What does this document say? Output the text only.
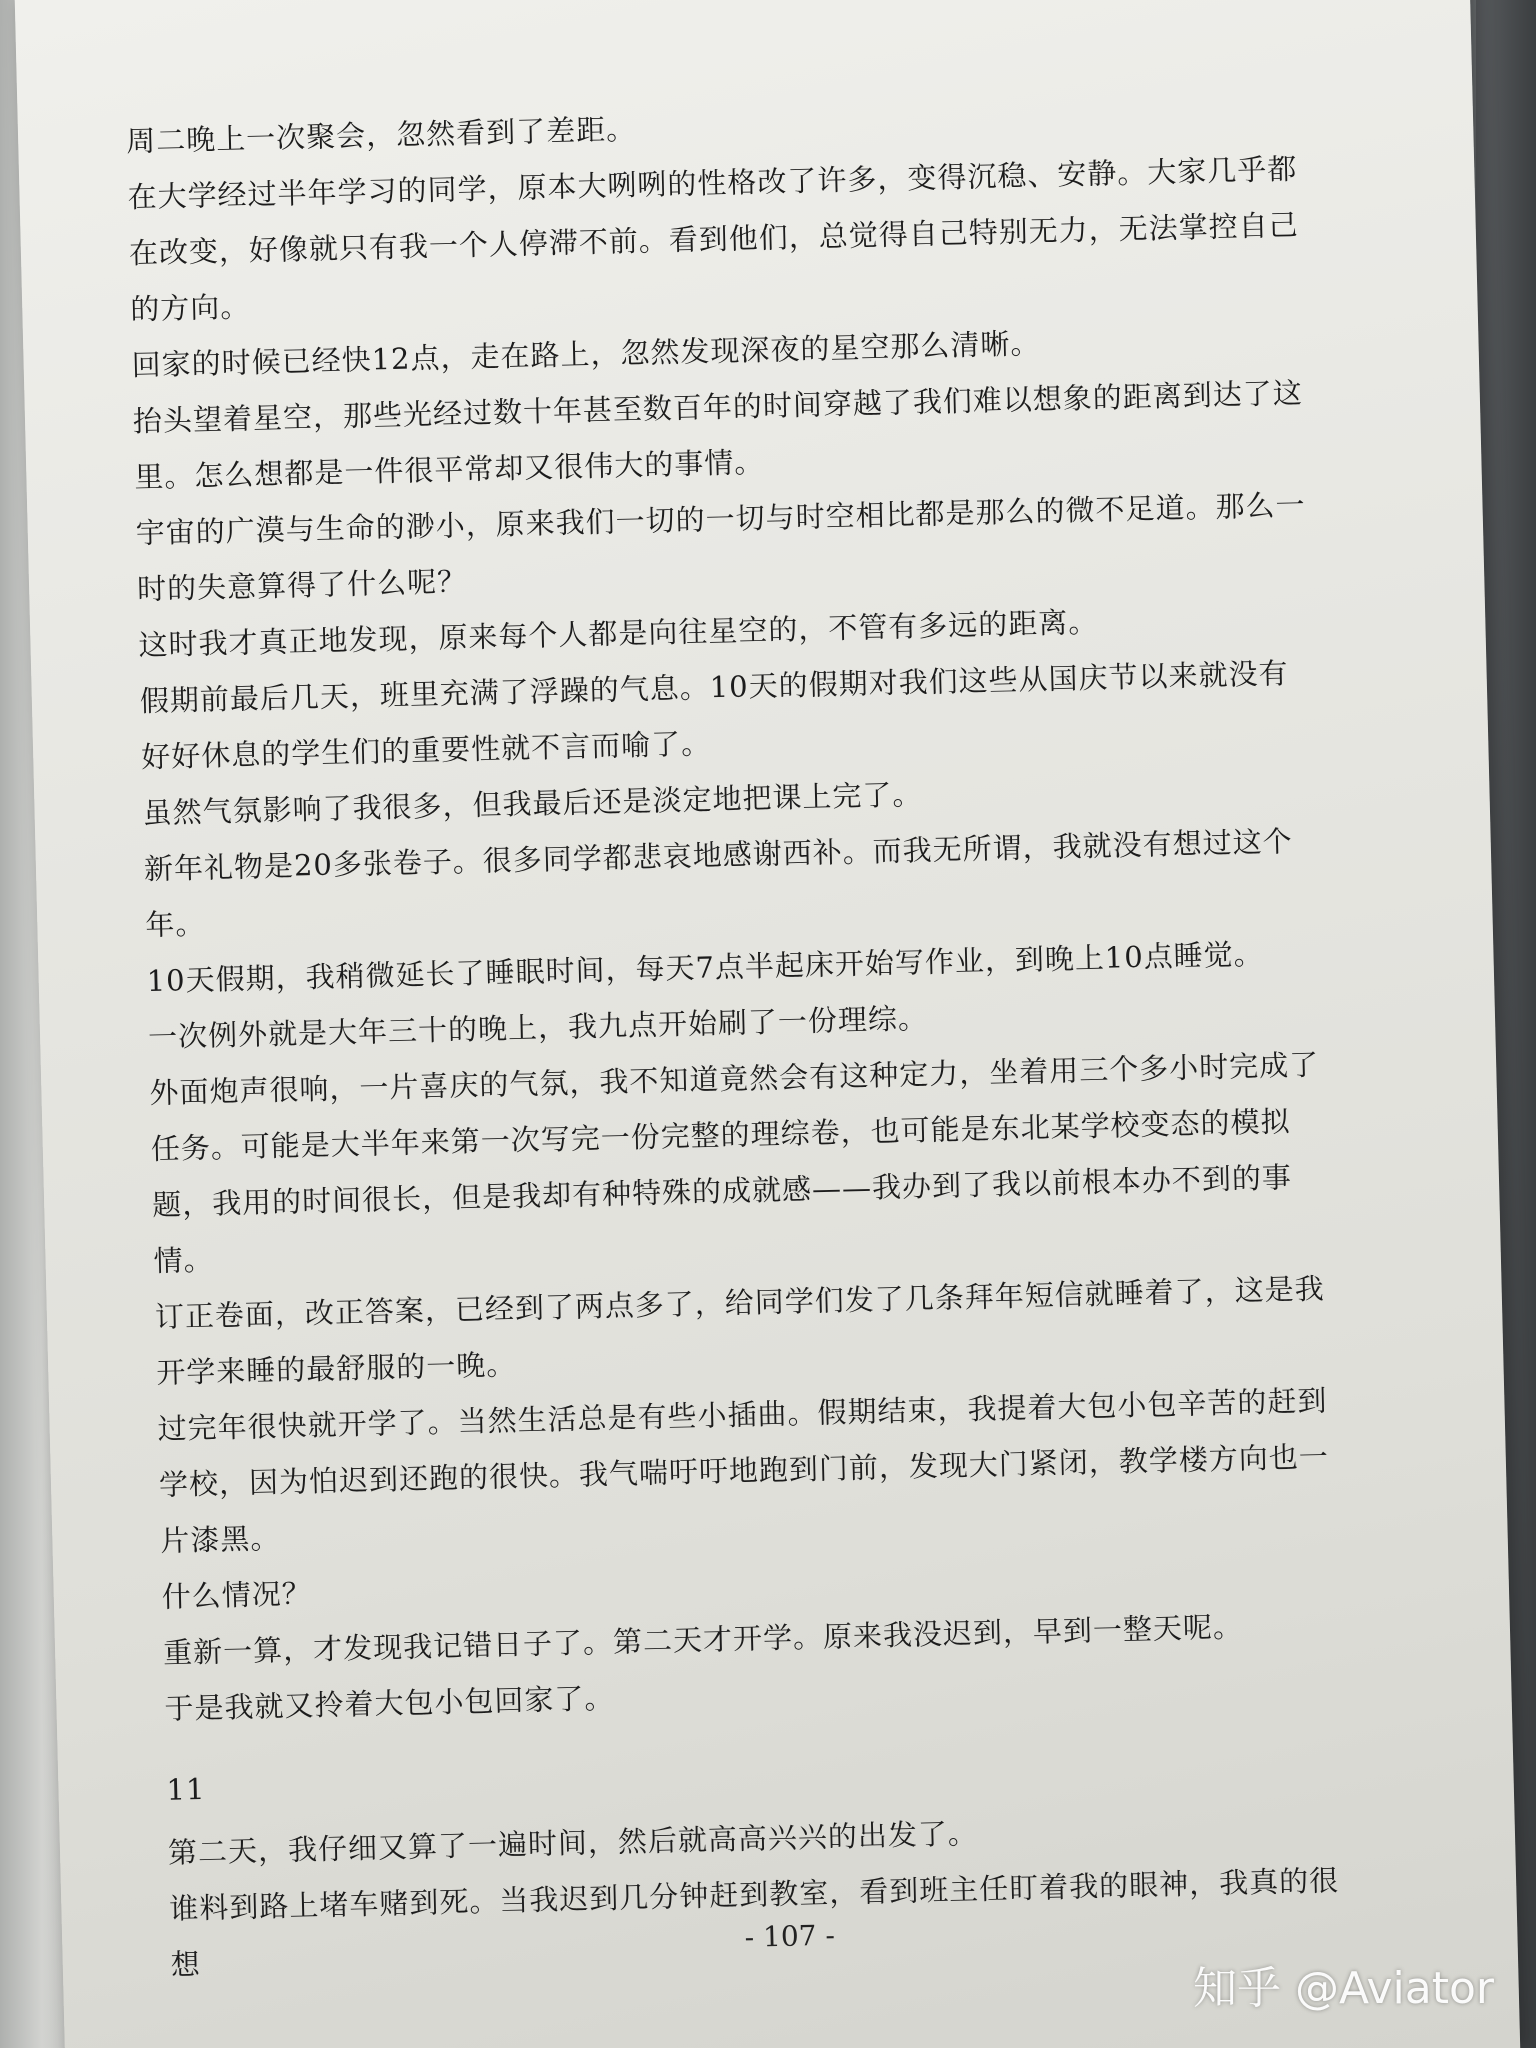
周二晚上一次聚会，忽然看到了差距。

在大学经过半年学习的同学，原本大咧咧的性格改了许多，变得沉稳、安静。大家几乎都在改变，好像就只有我一个人停滞不前。看到他们，总觉得自己特别无力，无法掌控自己的方向。

回家的时候已经快12点，走在路上，忽然发现深夜的星空那么清晰。

抬头望着星空，那些光经过数十年甚至数百年的时间穿越了我们难以想象的距离到达了这里。怎么想都是一件很平常却又很伟大的事情。

宇宙的广漠与生命的渺小，原来我们一切的一切与时空相比都是那么的微不足道。那么一时的失意算得了什么呢？

这时我才真正地发现，原来每个人都是向往星空的，不管有多远的距离。

假期前最后几天，班里充满了浮躁的气息。10天的假期对我们这些从国庆节以来就没有好好休息的学生们的重要性就不言而喻了。

虽然气氛影响了我很多，但我最后还是淡定地把课上完了。

新年礼物是20多张卷子。很多同学都悲哀地感谢西补。而我无所谓，我就没有想过这个年。

10天假期，我稍微延长了睡眠时间，每天7点半起床开始写作业，到晚上10点睡觉。

一次例外就是大年三十的晚上，我九点开始刷了一份理综。

外面炮声很响，一片喜庆的气氛，我不知道竟然会有这种定力，坐着用三个多小时完成了任务。可能是大半年来第一次写完一份完整的理综卷，也可能是东北某学校变态的模拟题，我用的时间很长，但是我却有种特殊的成就感——我办到了我以前根本办不到的事情。

订正卷面，改正答案，已经到了两点多了，给同学们发了几条拜年短信就睡着了，这是我开学来睡的最舒服的一晚。

过完年很快就开学了。当然生活总是有些小插曲。假期结束，我提着大包小包辛苦的赶到学校，因为怕迟到还跑的很快。我气喘吁吁地跑到门前，发现大门紧闭，教学楼方向也一片漆黑。

什么情况？

重新一算，才发现我记错日子了。第二天才开学。原来我没迟到，早到一整天呢。

于是我就又拎着大包小包回家了。

11

第二天，我仔细又算了一遍时间，然后就高高兴兴的出发了。

谁料到路上堵车赌到死。当我迟到几分钟赶到教室，看到班主任盯着我的眼神，我真的很想

- 107 -
知乎 @Aviator
